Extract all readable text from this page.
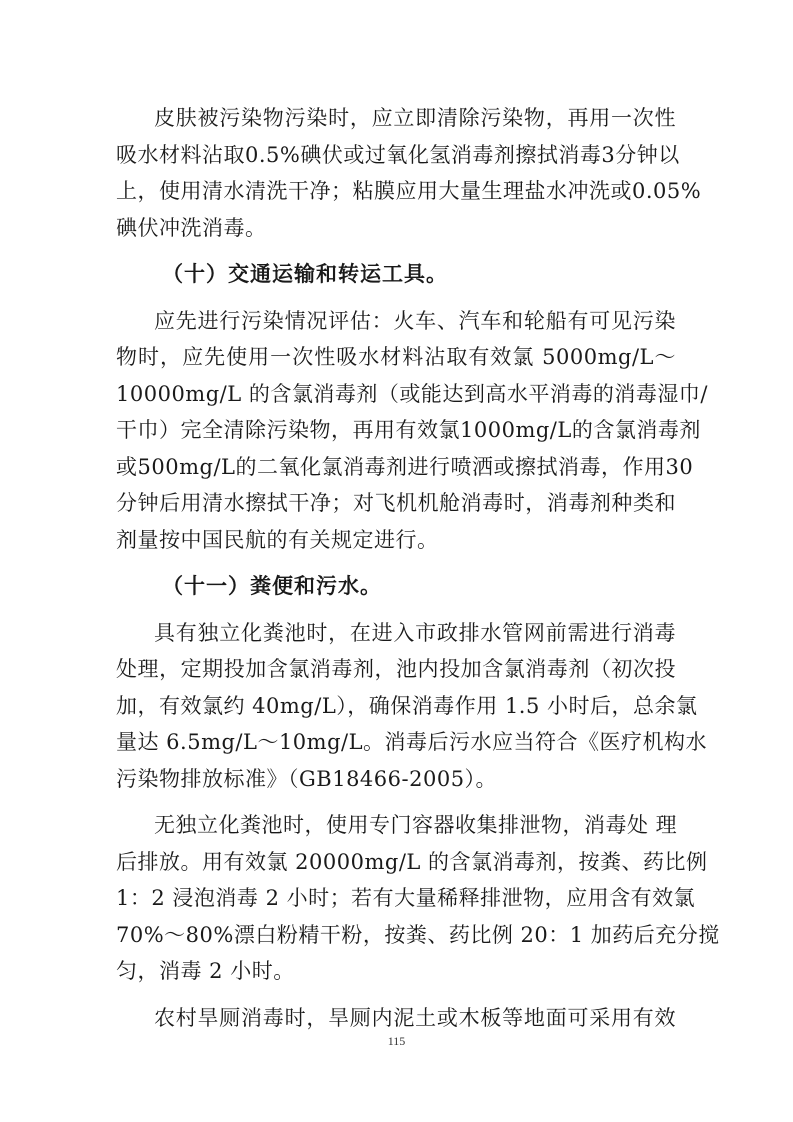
皮肤被污染物污染时，应立即清除污染物，再用一次性
吸水材料沾取0.5%碘伏或过氧化氢消毒剂擦拭消毒3分钟以
上，使用清水清洗干净；粘膜应用大量生理盐水冲洗或0.05%
碘伏冲洗消毒。
（十）交通运输和转运工具。
应先进行污染情况评估：火车、汽车和轮船有可见污染
物时，应先使用一次性吸水材料沾取有效氯 5000mg/L～
10000mg/L 的含氯消毒剂（或能达到高水平消毒的消毒湿巾/
干巾）完全清除污染物，再用有效氯1000mg/L的含氯消毒剂
或500mg/L的二氧化氯消毒剂进行喷洒或擦拭消毒，作用30
分钟后用清水擦拭干净；对飞机机舱消毒时，消毒剂种类和
剂量按中国民航的有关规定进行。
（十一）粪便和污水。
具有独立化粪池时，在进入市政排水管网前需进行消毒
处理，定期投加含氯消毒剂，池内投加含氯消毒剂（初次投
加，有效氯约 40mg/L），确保消毒作用 1.5 小时后，总余氯
量达 6.5mg/L～10mg/L。消毒后污水应当符合《医疗机构水
污染物排放标准》（GB18466-2005）。
无独立化粪池时，使用专门容器收集排泄物，消毒处 理
后排放。用有效氯 20000mg/L 的含氯消毒剂，按粪、药比例
1：2 浸泡消毒 2 小时；若有大量稀释排泄物，应用含有效氯
70%～80%漂白粉精干粉，按粪、药比例 20：1 加药后充分搅
匀，消毒 2 小时。
农村旱厕消毒时，旱厕内泥土或木板等地面可采用有效
115
